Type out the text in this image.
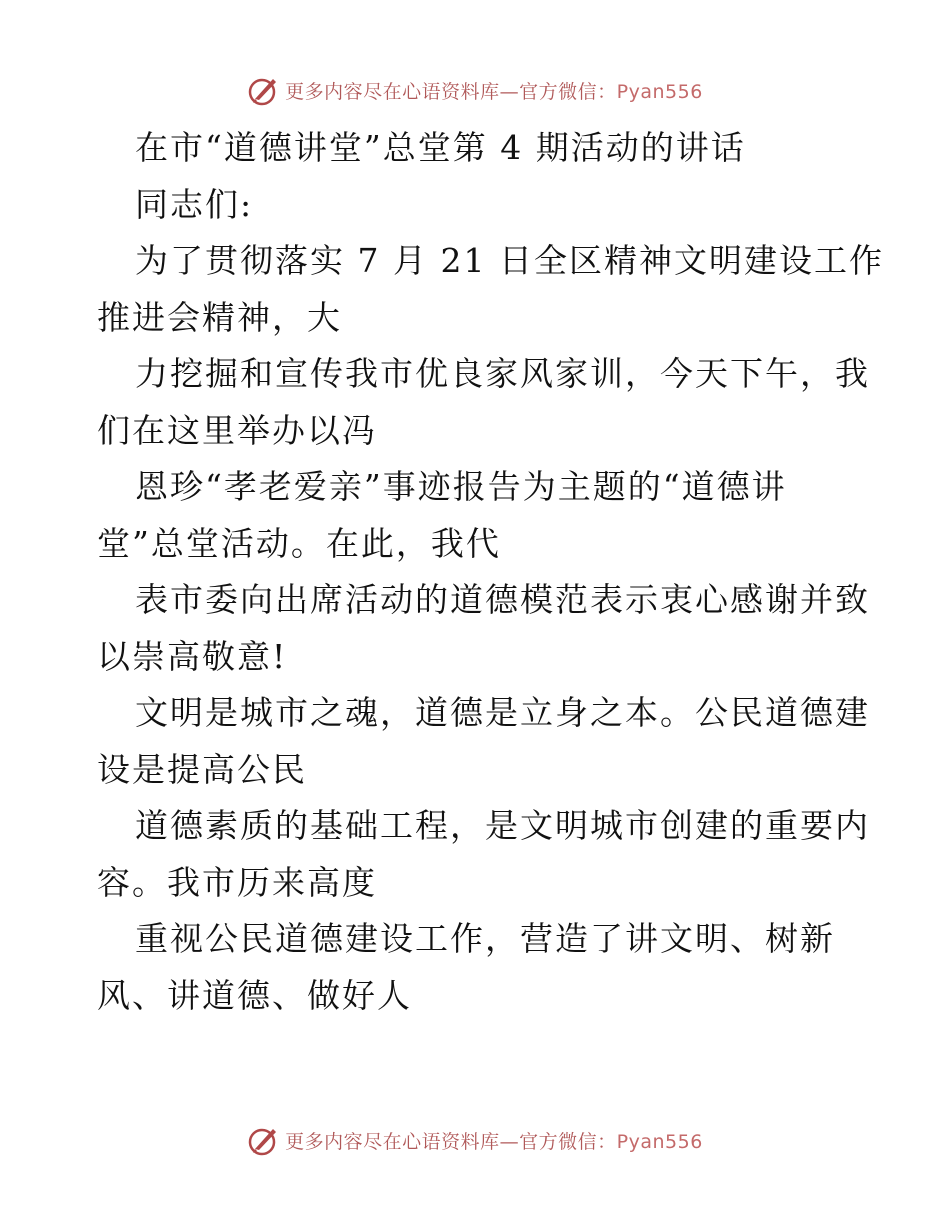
更多内容尽在心语资料库—官方微信：Pyan556

在市“道德讲堂”总堂第 4 期活动的讲话

同志们:

为了贯彻落实 7 月 21 日全区精神文明建设工作

推进会精神，大

力挖掘和宣传我市优良家风家训，今天下午，我

们在这里举办以冯

恩珍“孝老爱亲”事迹报告为主题的“道德讲

堂”总堂活动。在此，我代

表市委向出席活动的道德模范表示衷心感谢并致

以崇高敬意!

文明是城市之魂，道德是立身之本。公民道德建

设是提高公民

道德素质的基础工程，是文明城市创建的重要内

容。我市历来高度

重视公民道德建设工作，营造了讲文明、树新

风、讲道德、做好人

更多内容尽在心语资料库—官方微信：Pyan556
